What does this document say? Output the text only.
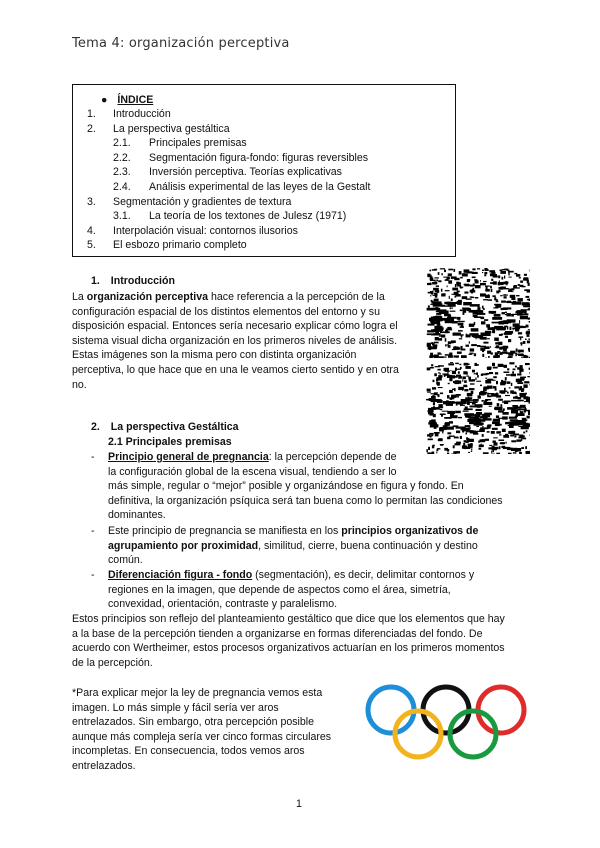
Tema 4: organización perceptiva
● ÍNDICE
1. Introducción
2. La perspectiva gestáltica
2.1. Principales premisas
2.2. Segmentación figura-fondo: figuras reversibles
2.3. Inversión perceptiva. Teorías explicativas
2.4. Análisis experimental de las leyes de la Gestalt
3. Segmentación y gradientes de textura
3.1. La teoría de los textones de Julesz (1971)
4. Interpolación visual: contornos ilusorios
5. El esbozo primario completo
1. Introducción
La organización perceptiva hace referencia a la percepción de la
configuración espacial de los distintos elementos del entorno y su
disposición espacial. Entonces sería necesario explicar cómo logra el
sistema visual dicha organización en los primeros niveles de análisis.
Estas imágenes son la misma pero con distinta organización
perceptiva, lo que hace que en una le veamos cierto sentido y en otra
no.
2. La perspectiva Gestáltica
2.1 Principales premisas
- Principio general de pregnancia: la percepción depende de
la configuración global de la escena visual, tendiendo a ser lo
más simple, regular o “mejor” posible y organizándose en figura y fondo. En
definitiva, la organización psíquica será tan buena como lo permitan las condiciones
dominantes.
- Este principio de pregnancia se manifiesta en los principios organizativos de
agrupamiento por proximidad, similitud, cierre, buena continuación y destino
común.
- Diferenciación figura - fondo (segmentación), es decir, delimitar contornos y
regiones en la imagen, que depende de aspectos como el área, simetría,
convexidad, orientación, contraste y paralelismo.
Estos principios son reflejo del planteamiento gestáltico que dice que los elementos que hay
a la base de la percepción tienden a organizarse en formas diferenciadas del fondo. De
acuerdo con Wertheimer, estos procesos organizativos actuarían en los primeros momentos
de la percepción.
*Para explicar mejor la ley de pregnancia vemos esta
imagen. Lo más simple y fácil sería ver aros
entrelazados. Sin embargo, otra percepción posible
aunque más compleja sería ver cinco formas circulares
incompletas. En consecuencia, todos vemos aros
entrelazados.
1
